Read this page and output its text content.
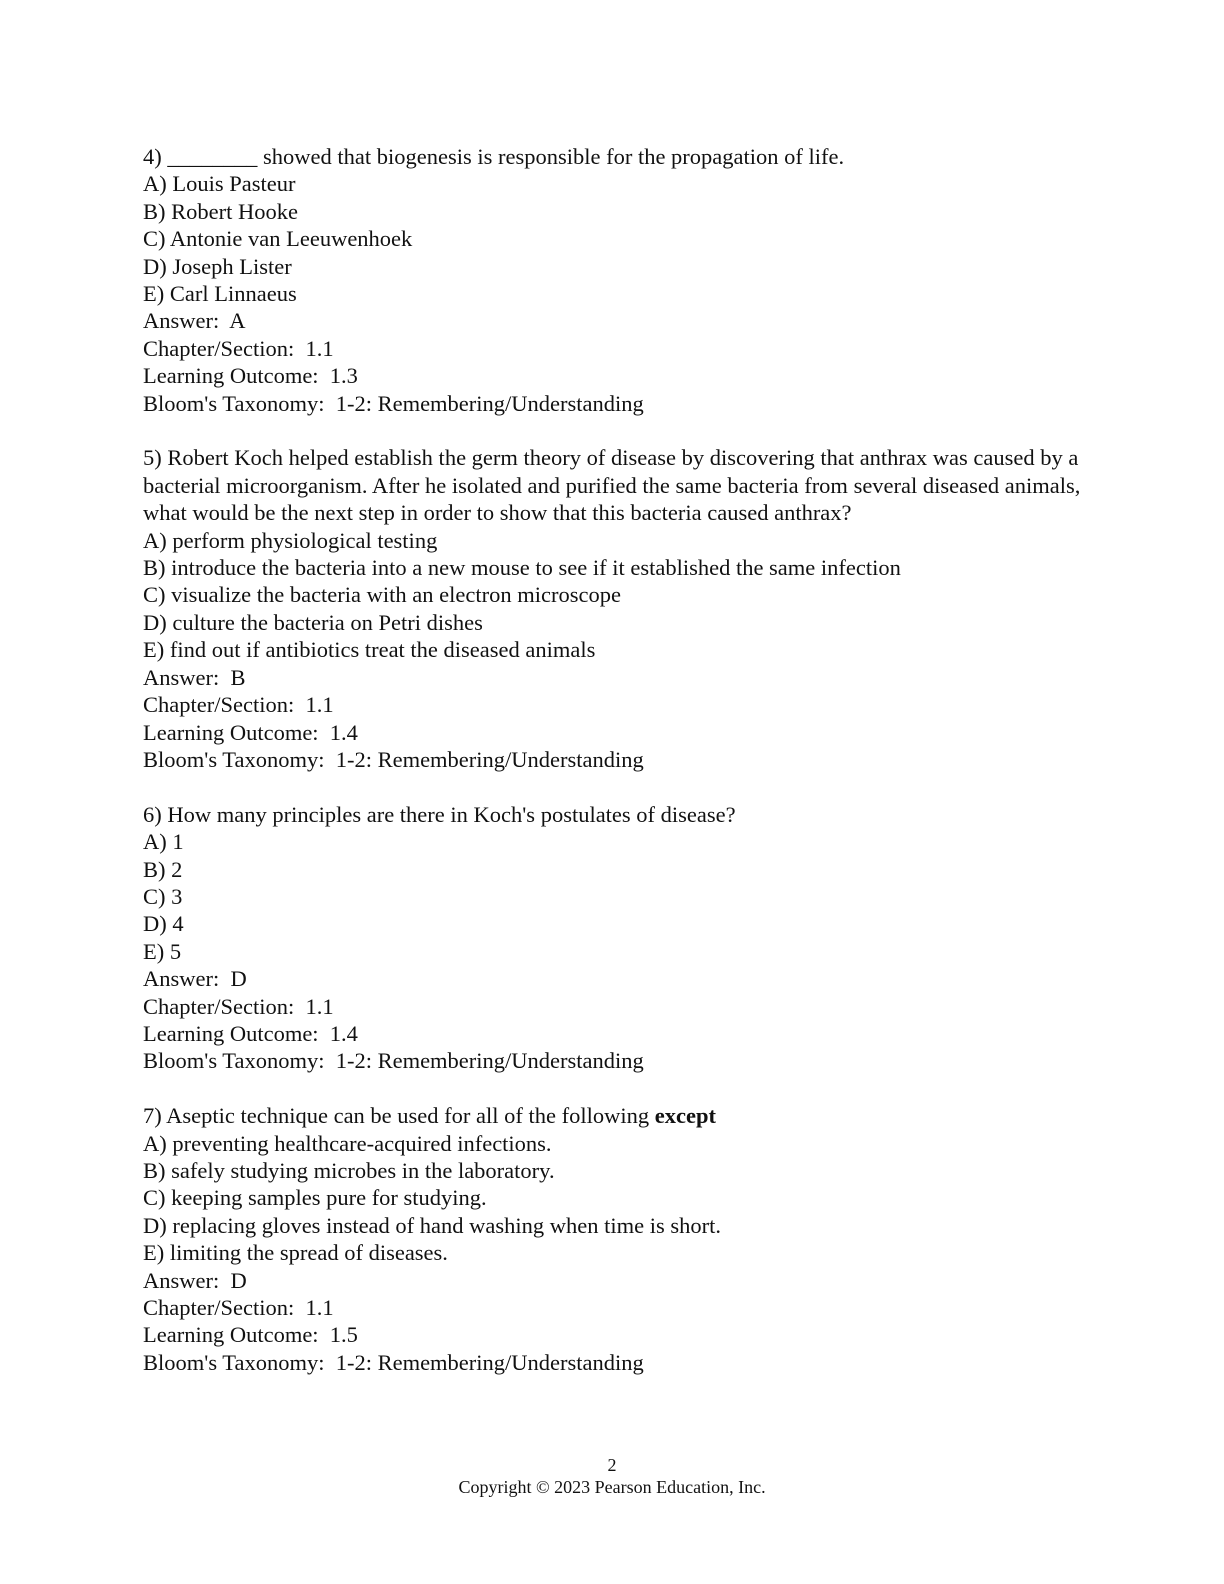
4) ________ showed that biogenesis is responsible for the propagation of life.
A) Louis Pasteur
B) Robert Hooke
C) Antonie van Leeuwenhoek
D) Joseph Lister
E) Carl Linnaeus
Answer:  A
Chapter/Section:  1.1
Learning Outcome:  1.3
Bloom's Taxonomy:  1-2: Remembering/Understanding
5) Robert Koch helped establish the germ theory of disease by discovering that anthrax was caused by a bacterial microorganism. After he isolated and purified the same bacteria from several diseased animals, what would be the next step in order to show that this bacteria caused anthrax?
A) perform physiological testing
B) introduce the bacteria into a new mouse to see if it established the same infection
C) visualize the bacteria with an electron microscope
D) culture the bacteria on Petri dishes
E) find out if antibiotics treat the diseased animals
Answer:  B
Chapter/Section:  1.1
Learning Outcome:  1.4
Bloom's Taxonomy:  1-2: Remembering/Understanding
6) How many principles are there in Koch's postulates of disease?
A) 1
B) 2
C) 3
D) 4
E) 5
Answer:  D
Chapter/Section:  1.1
Learning Outcome:  1.4
Bloom's Taxonomy:  1-2: Remembering/Understanding
7) Aseptic technique can be used for all of the following except
A) preventing healthcare-acquired infections.
B) safely studying microbes in the laboratory.
C) keeping samples pure for studying.
D) replacing gloves instead of hand washing when time is short.
E) limiting the spread of diseases.
Answer:  D
Chapter/Section:  1.1
Learning Outcome:  1.5
Bloom's Taxonomy:  1-2: Remembering/Understanding
2
Copyright © 2023 Pearson Education, Inc.
